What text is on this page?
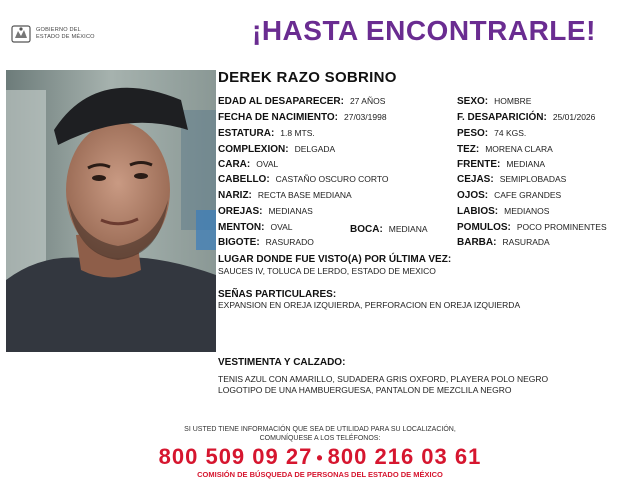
GOBIERNO DEL
ESTADO DE MÉXICO	¡HASTA ENCONTRARLE!
DEREK RAZO SOBRINO
EDAD AL DESAPARECER: 27 AÑOS
FECHA DE NACIMIENTO: 27/03/1998
ESTATURA: 1.8 MTS.
COMPLEXION: DELGADA
CARA: OVAL
CABELLO: CASTAÑO OSCURO CORTO
NARIZ: RECTA BASE MEDIANA
OREJAS: MEDIANAS
MENTON: OVAL	BOCA: MEDIANA
BIGOTE: RASURADO
SEXO: HOMBRE
F. DESAPARICIÓN: 25/01/2026
PESO: 74 KGS.
TEZ: MORENA CLARA
FRENTE: MEDIANA
CEJAS: SEMIPLOBADAS
OJOS: CAFE GRANDES
LABIOS: MEDIANOS
POMULOS: POCO PROMINENTES
BARBA: RASURADA
LUGAR DONDE FUE VISTO(A) POR ÚLTIMA VEZ:
SAUCES IV, TOLUCA DE LERDO, ESTADO DE MEXICO
SEÑAS PARTICULARES:
EXPANSION EN OREJA IZQUIERDA, PERFORACION EN OREJA IZQUIERDA
VESTIMENTA Y CALZADO:
TENIS AZUL CON AMARILLO, SUDADERA GRIS OXFORD, PLAYERA POLO NEGRO
LOGOTIPO DE UNA HAMBUERGUESA, PANTALON DE MEZCLILA NEGRO
SI USTED TIENE INFORMACIÓN QUE SEA DE UTILIDAD PARA SU LOCALIZACIÓN,
COMUNÍQUESE A LOS TELÉFONOS:
800 509 09 27 • 800 216 03 61
COMISIÓN DE BÚSQUEDA DE PERSONAS DEL ESTADO DE MÉXICO
